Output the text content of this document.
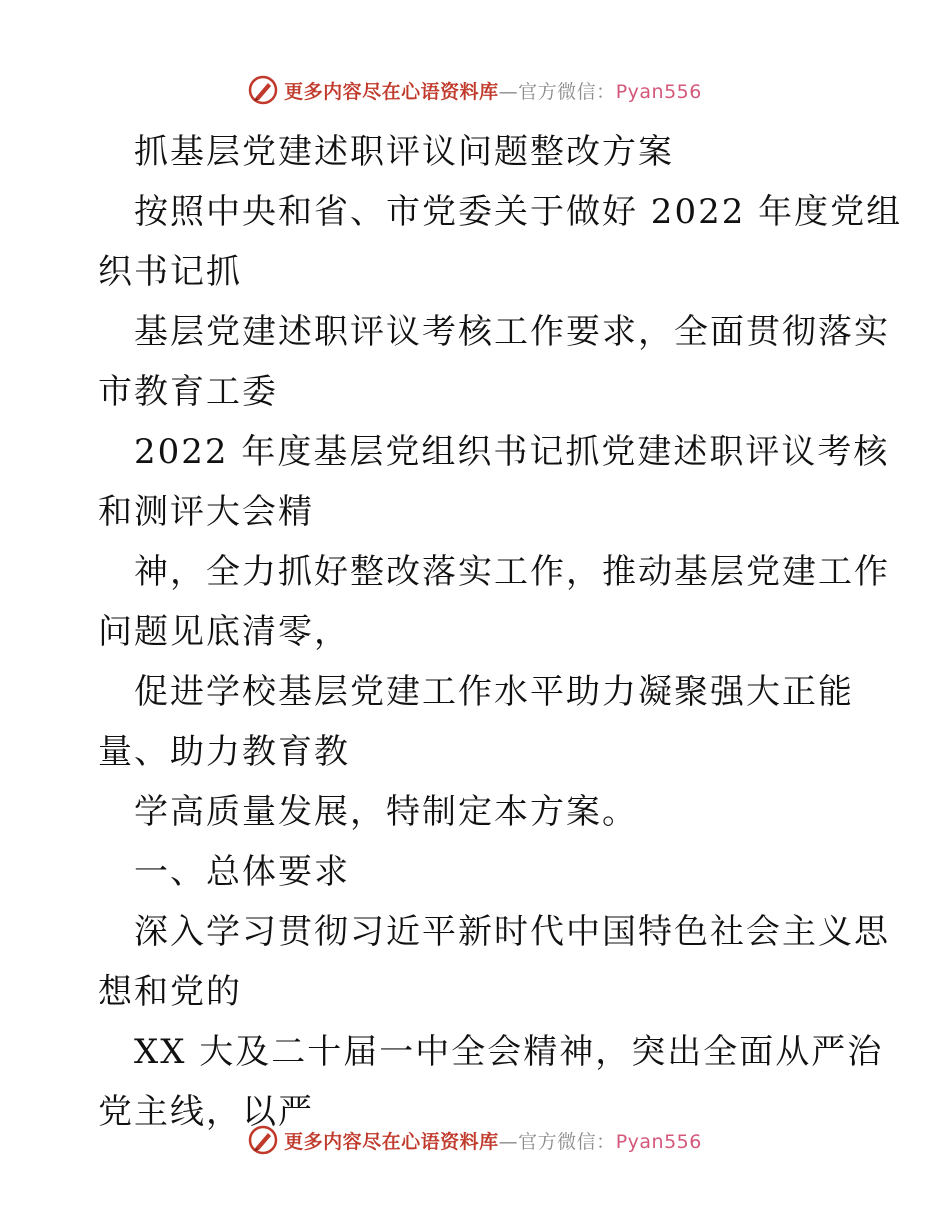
更多内容尽在心语资料库—官方微信：Pyan556
抓基层党建述职评议问题整改方案
按照中央和省、市党委关于做好 2022 年度党组
织书记抓
基层党建述职评议考核工作要求，全面贯彻落实
市教育工委
2022 年度基层党组织书记抓党建述职评议考核
和测评大会精
神，全力抓好整改落实工作，推动基层党建工作
问题见底清零，
促进学校基层党建工作水平助力凝聚强大正能
量、助力教育教
学高质量发展，特制定本方案。
一、总体要求
深入学习贯彻习近平新时代中国特色社会主义思
想和党的
XX 大及二十届一中全会精神，突出全面从严治
党主线，以严
更多内容尽在心语资料库—官方微信：Pyan556
